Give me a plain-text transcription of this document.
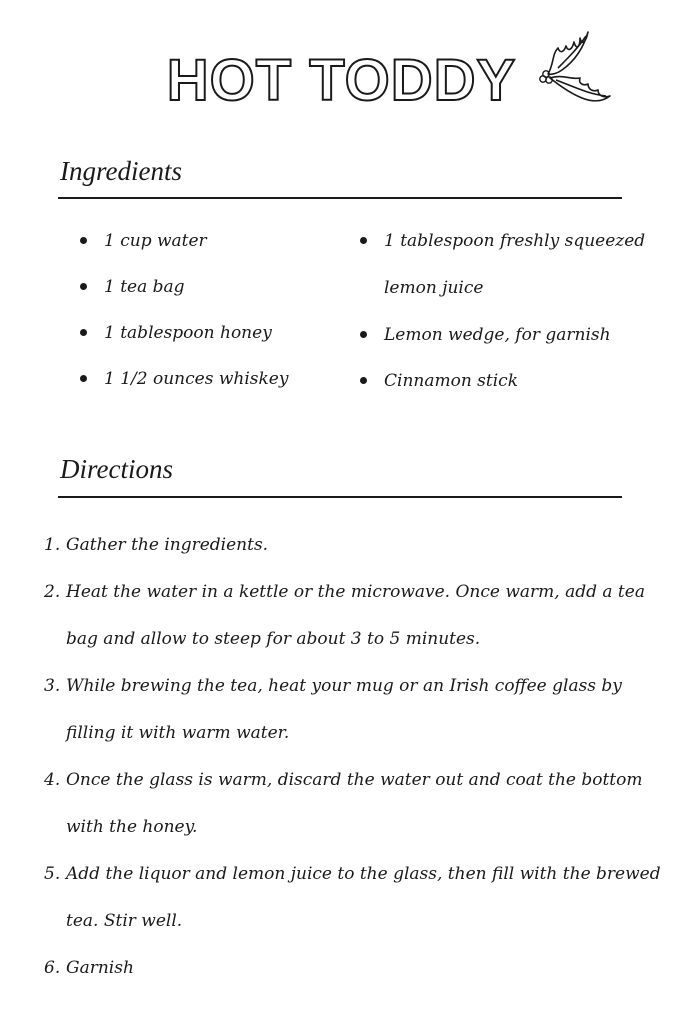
HOT TODDY
Ingredients
1 cup water
1 tea bag
1 tablespoon honey
1 1/2 ounces whiskey
1 tablespoon freshly squeezed lemon juice
Lemon wedge, for garnish
Cinnamon stick
Directions
1. Gather the ingredients.
2. Heat the water in a kettle or the microwave. Once warm, add a tea bag and allow to steep for about 3 to 5 minutes.
3. While brewing the tea, heat your mug or an Irish coffee glass by filling it with warm water.
4. Once the glass is warm, discard the water out and coat the bottom with the honey.
5. Add the liquor and lemon juice to the glass, then fill with the brewed tea. Stir well.
6. Garnish
